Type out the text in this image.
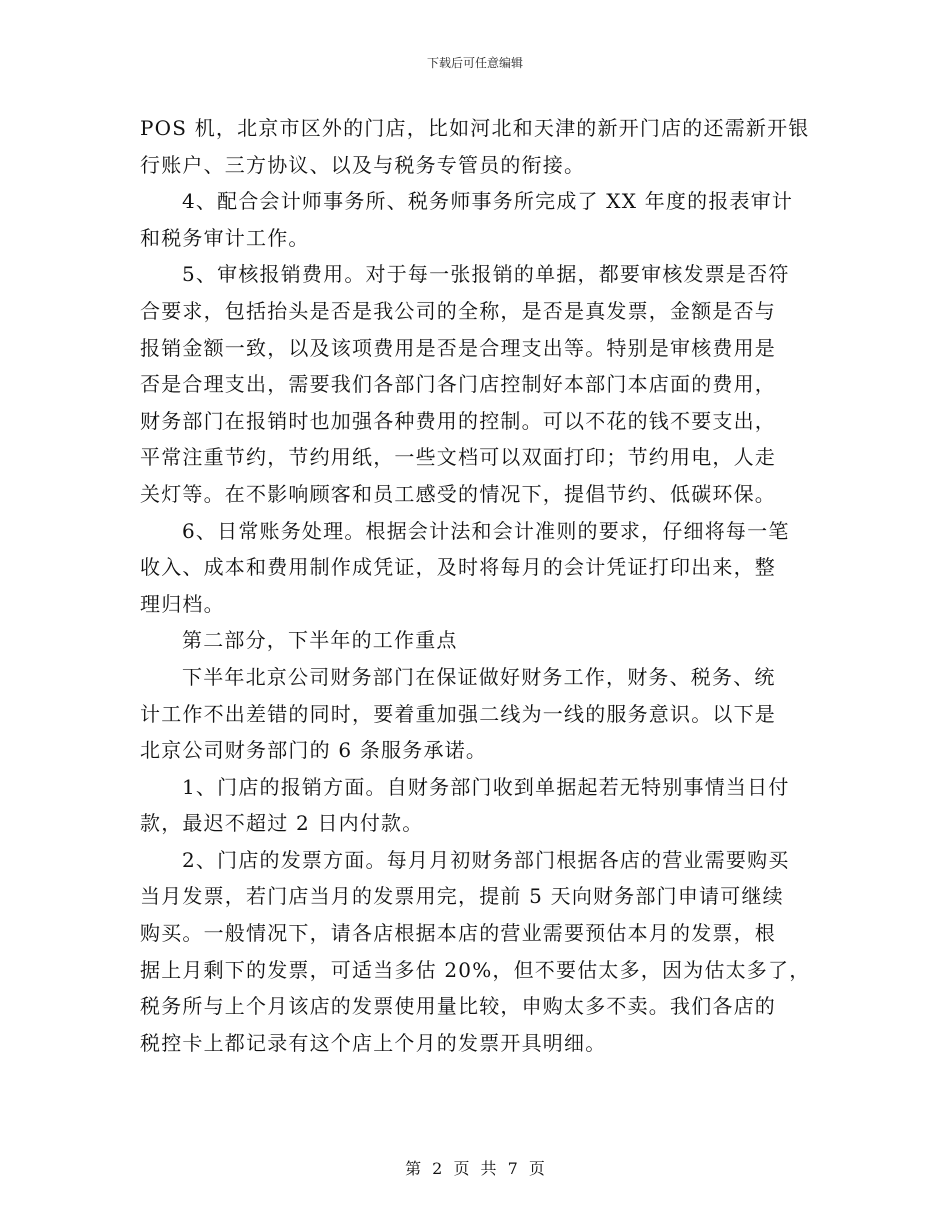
下载后可任意编辑
POS 机，北京市区外的门店，比如河北和天津的新开门店的还需新开银
行账户、三方协议、以及与税务专管员的衔接。
4、配合会计师事务所、税务师事务所完成了 XX 年度的报表审计
和税务审计工作。
5、审核报销费用。对于每一张报销的单据，都要审核发票是否符
合要求，包括抬头是否是我公司的全称，是否是真发票，金额是否与
报销金额一致，以及该项费用是否是合理支出等。特别是审核费用是
否是合理支出，需要我们各部门各门店控制好本部门本店面的费用，
财务部门在报销时也加强各种费用的控制。可以不花的钱不要支出，
平常注重节约，节约用纸，一些文档可以双面打印；节约用电，人走
关灯等。在不影响顾客和员工感受的情况下，提倡节约、低碳环保。
6、日常账务处理。根据会计法和会计准则的要求，仔细将每一笔
收入、成本和费用制作成凭证，及时将每月的会计凭证打印出来，整
理归档。
第二部分，下半年的工作重点
下半年北京公司财务部门在保证做好财务工作，财务、税务、统
计工作不出差错的同时，要着重加强二线为一线的服务意识。以下是
北京公司财务部门的 6 条服务承诺。
1、门店的报销方面。自财务部门收到单据起若无特别事情当日付
款，最迟不超过 2 日内付款。
2、门店的发票方面。每月月初财务部门根据各店的营业需要购买
当月发票，若门店当月的发票用完，提前 5 天向财务部门申请可继续
购买。一般情况下，请各店根据本店的营业需要预估本月的发票，根
据上月剩下的发票，可适当多估 20%，但不要估太多，因为估太多了，
税务所与上个月该店的发票使用量比较，申购太多不卖。我们各店的
税控卡上都记录有这个店上个月的发票开具明细。
第 2 页 共 7 页
